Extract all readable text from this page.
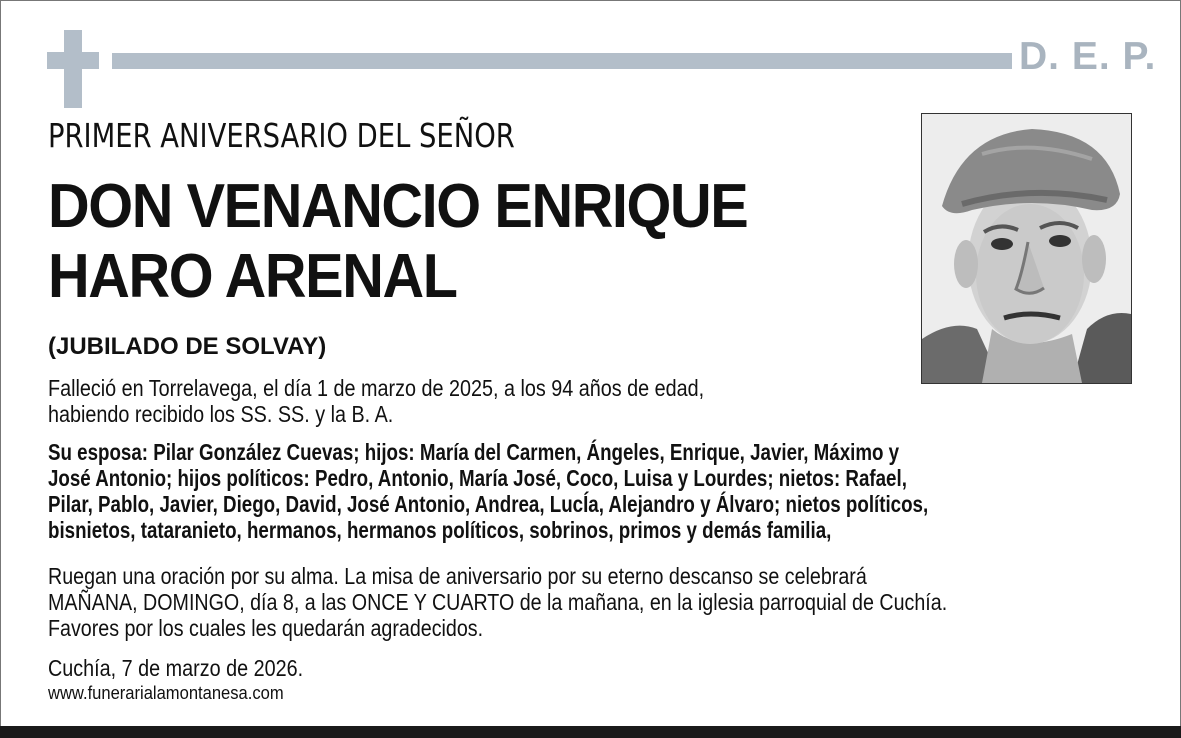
D. E. P.
PRIMER ANIVERSARIO DEL SEÑOR
DON VENANCIO ENRIQUE
HARO ARENAL
(JUBILADO DE SOLVAY)
Falleció en Torrelavega, el día 1 de marzo de 2025, a los 94 años de edad,
habiendo recibido los SS. SS. y la B. A.
Su esposa: Pilar González Cuevas; hijos: María del Carmen, Ángeles, Enrique, Javier, Máximo y
José Antonio; hijos políticos: Pedro, Antonio, María José, Coco, Luisa y Lourdes; nietos: Rafael,
Pilar, Pablo, Javier, Diego, David, José Antonio, Andrea, LucÍa, Alejandro y Álvaro; nietos políticos,
bisnietos, tataranieto, hermanos, hermanos políticos, sobrinos, primos y demás familia,
Ruegan una oración por su alma. La misa de aniversario por su eterno descanso se celebrará
MAÑANA, DOMINGO, día 8, a las ONCE Y CUARTO de la mañana, en la iglesia parroquial de Cuchía.
Favores por los cuales les quedarán agradecidos.
Cuchía, 7 de marzo de 2026.
www.funerarialamontanesa.com
